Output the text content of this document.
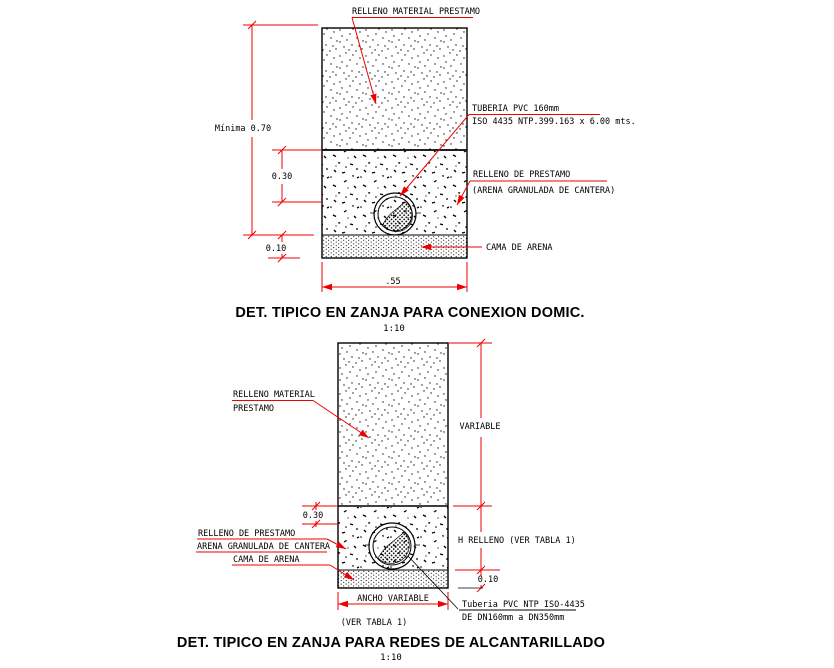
Mínima 0.70
0.30
0.10
.55
RELLENO MATERIAL PRESTAMO
TUBERIA PVC 160mm
ISO 4435 NTP.399.163 x 6.00 mts.
RELLENO DE PRESTAMO
(ARENA GRANULADA DE CANTERA)
CAMA DE ARENA
DET. TIPICO EN ZANJA PARA CONEXION DOMIC.
1:10
RELLENO MATERIAL
PRESTAMO
0.30
RELLENO DE PRESTAMO
ARENA GRANULADA DE CANTERA
CAMA DE ARENA
VARIABLE
H RELLENO (VER TABLA 1)
0.10
ANCHO VARIABLE
(VER TABLA 1)
Tuberia PVC NTP ISO-4435
DE DN160mm a DN350mm
DET. TIPICO EN ZANJA PARA REDES DE ALCANTARILLADO
1:10
